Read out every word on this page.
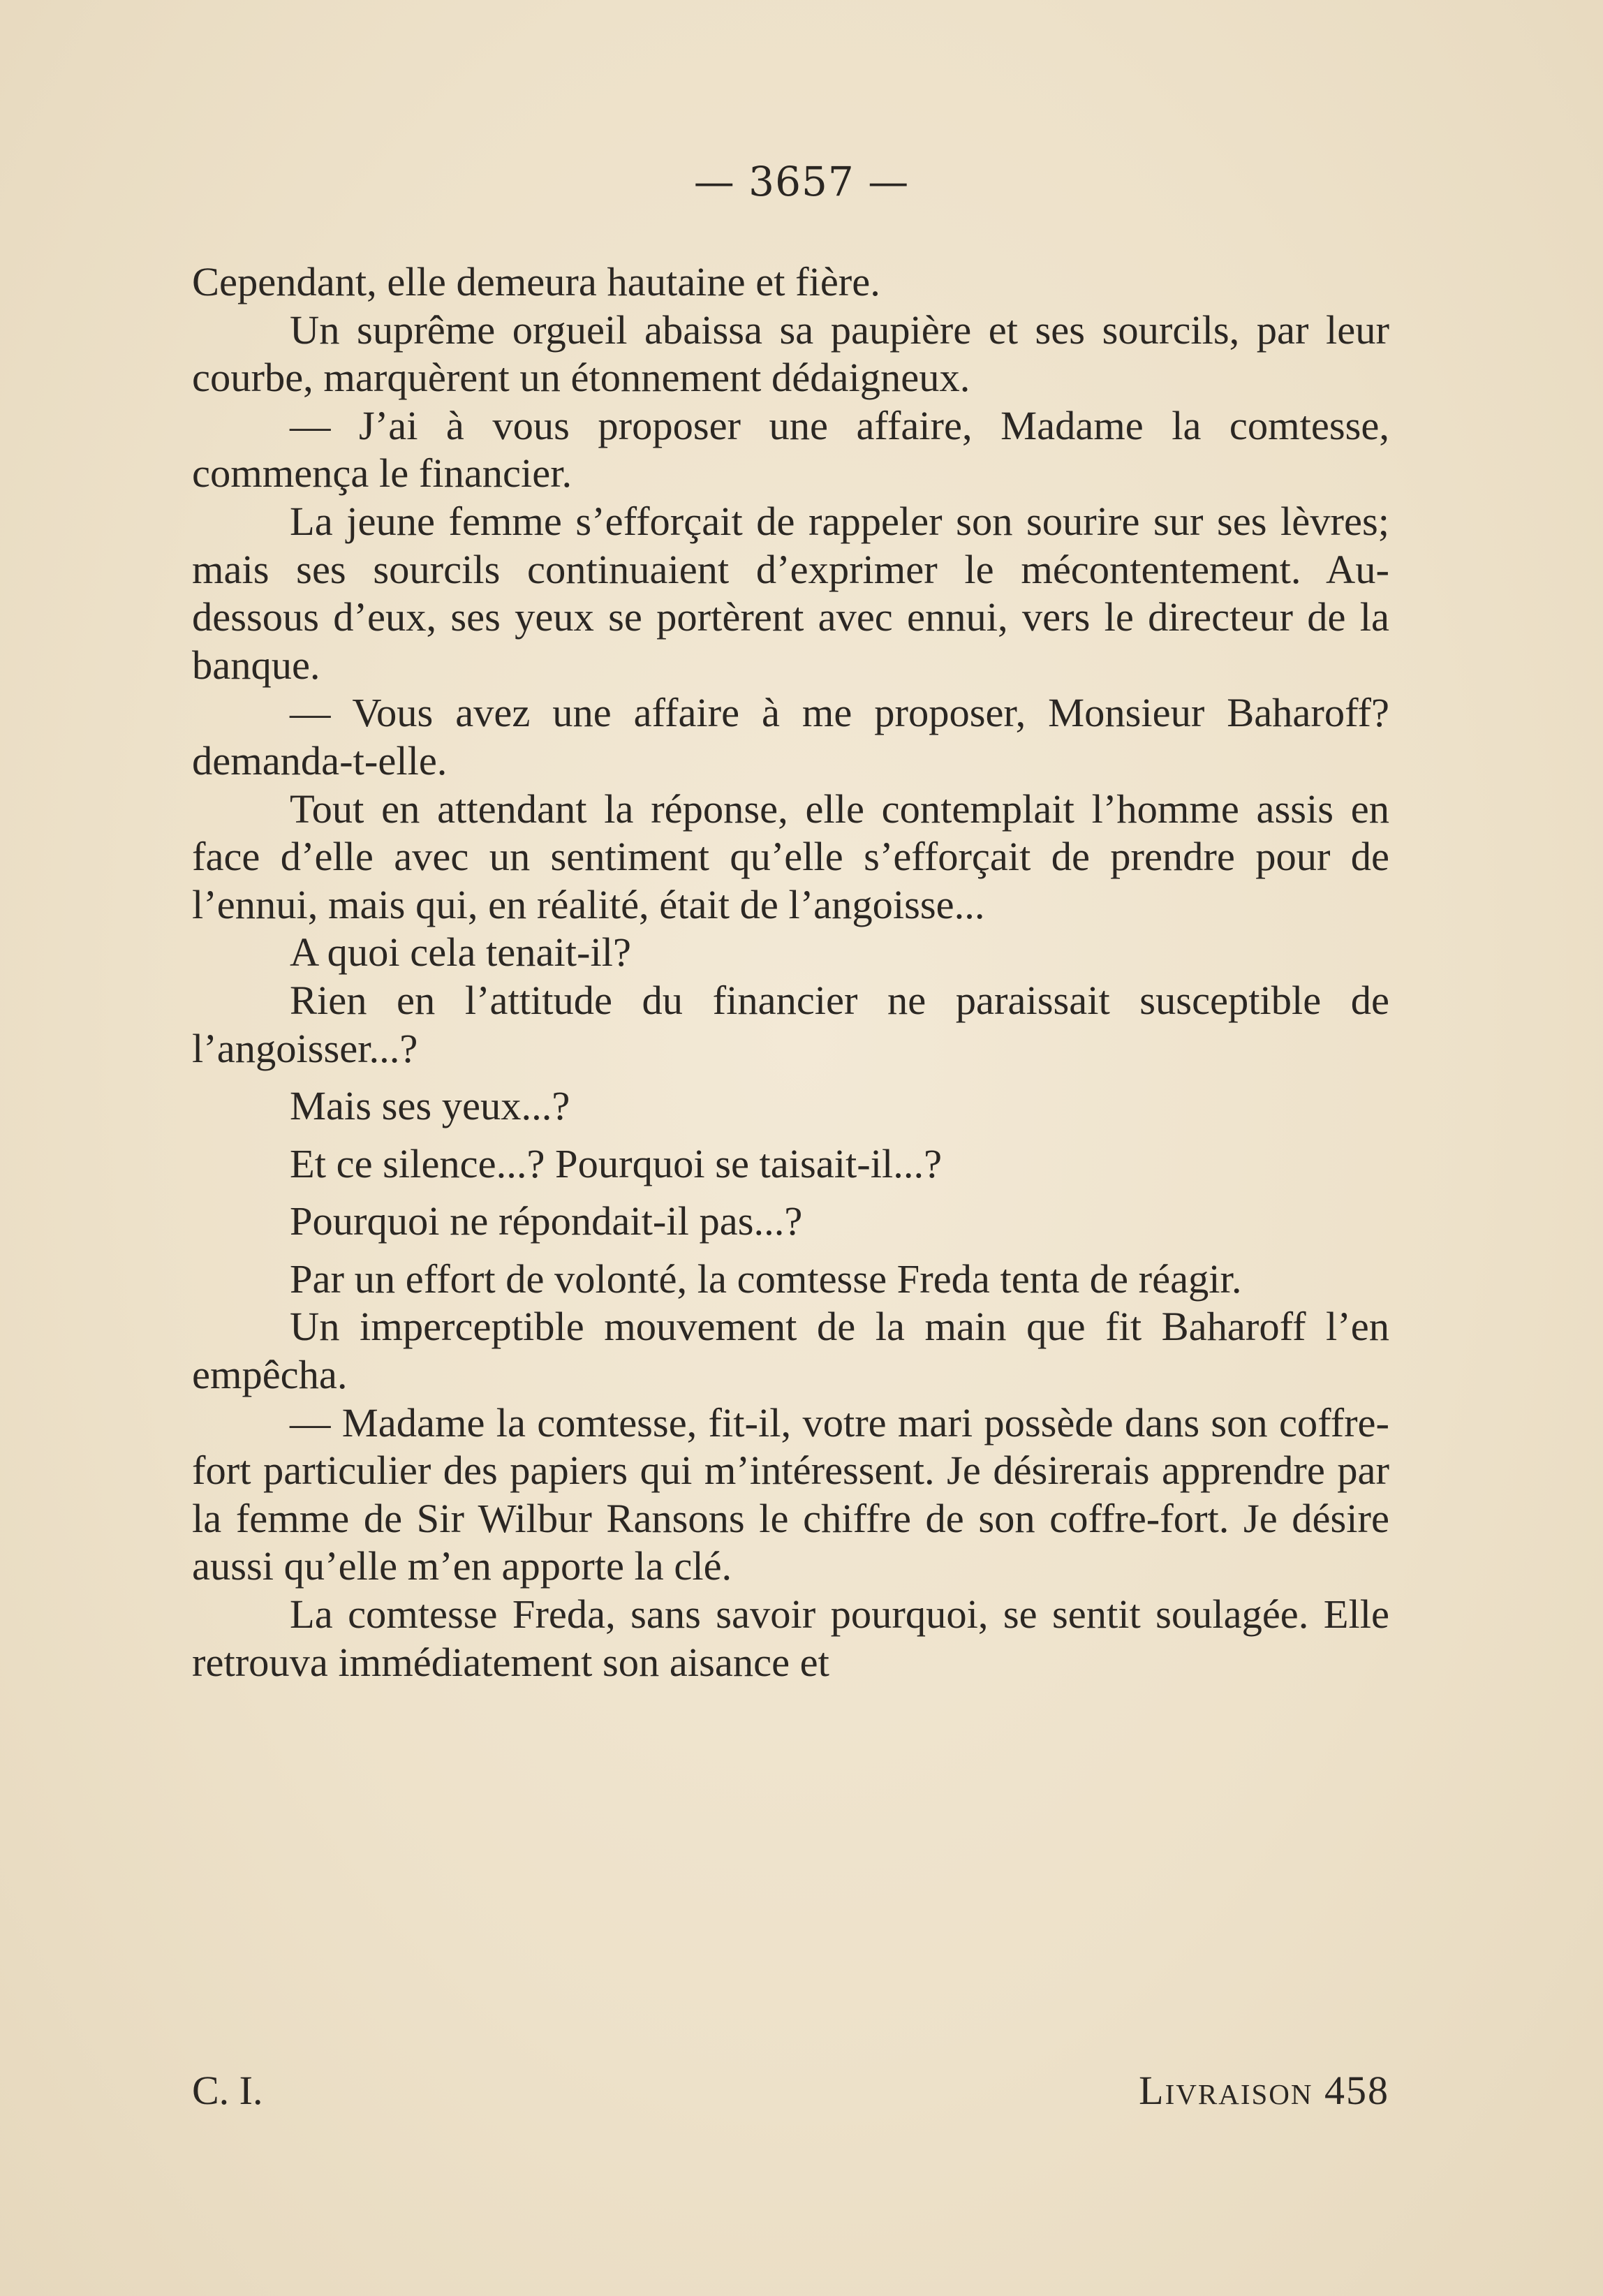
— 3657 —

Cependant, elle demeura hautaine et fière.

Un suprême orgueil abaissa sa paupière et ses sourcils, par leur courbe, marquèrent un étonnement dédaigneux.

— J’ai à vous proposer une affaire, Madame la comtesse, commença le financier.

La jeune femme s’efforçait de rappeler son sourire sur ses lèvres; mais ses sourcils continuaient d’exprimer le mécontentement. Au-dessous d’eux, ses yeux se portèrent avec ennui, vers le directeur de la banque.

— Vous avez une affaire à me proposer, Monsieur Baharoff? demanda-t-elle.

Tout en attendant la réponse, elle contemplait l’homme assis en face d’elle avec un sentiment qu’elle s’efforçait de prendre pour de l’ennui, mais qui, en réalité, était de l’angoisse...

A quoi cela tenait-il?

Rien en l’attitude du financier ne paraissait susceptible de l’angoisser...?

Mais ses yeux...?

Et ce silence...? Pourquoi se taisait-il...?

Pourquoi ne répondait-il pas...?

Par un effort de volonté, la comtesse Freda tenta de réagir.

Un imperceptible mouvement de la main que fit Baharoff l’en empêcha.

— Madame la comtesse, fit-il, votre mari possède dans son coffre-fort particulier des papiers qui m’intéressent. Je désirerais apprendre par la femme de Sir Wilbur Ransons le chiffre de son coffre-fort. Je désire aussi qu’elle m’en apporte la clé.

La comtesse Freda, sans savoir pourquoi, se sentit soulagée. Elle retrouva immédiatement son aisance et

C. I.	Livraison 458
